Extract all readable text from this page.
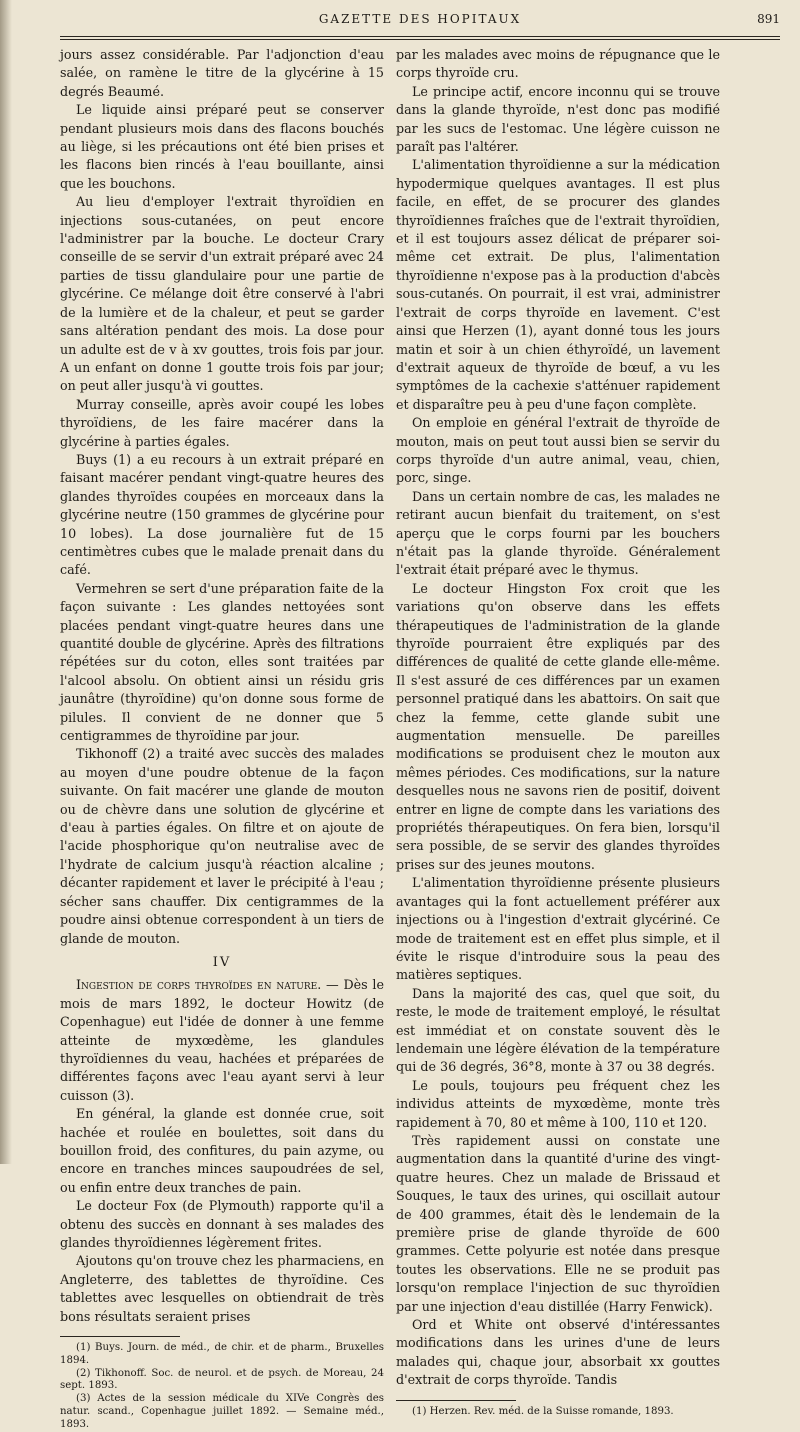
GAZETTE DES HOPITAUX	891

jours assez considérable. Par l'adjonction d'eau salée, on ramène le titre de la glycérine à 15 degrés Beaumé.

Le liquide ainsi préparé peut se conserver pendant plusieurs mois dans des flacons bouchés au liège, si les précautions ont été bien prises et les flacons bien rincés à l'eau bouillante, ainsi que les bouchons.

Au lieu d'employer l'extrait thyroïdien en injections sous-cutanées, on peut encore l'administrer par la bouche. Le docteur Crary conseille de se servir d'un extrait préparé avec 24 parties de tissu glandulaire pour une partie de glycérine. Ce mélange doit être conservé à l'abri de la lumière et de la chaleur, et peut se garder sans altération pendant des mois. La dose pour un adulte est de v à xv gouttes, trois fois par jour. A un enfant on donne 1 goutte trois fois par jour; on peut aller jusqu'à vi gouttes.

Murray conseille, après avoir coupé les lobes thyroïdiens, de les faire macérer dans la glycérine à parties égales.

Buys (1) a eu recours à un extrait préparé en faisant macérer pendant vingt-quatre heures des glandes thyroïdes coupées en morceaux dans la glycérine neutre (150 grammes de glycérine pour 10 lobes). La dose journalière fut de 15 centimètres cubes que le malade prenait dans du café.

Vermehren se sert d'une préparation faite de la façon suivante : Les glandes nettoyées sont placées pendant vingt-quatre heures dans une quantité double de glycérine. Après des filtrations répétées sur du coton, elles sont traitées par l'alcool absolu. On obtient ainsi un résidu gris jaunâtre (thyroïdine) qu'on donne sous forme de pilules. Il convient de ne donner que 5 centigrammes de thyroïdine par jour.

Tikhonoff (2) a traité avec succès des malades au moyen d'une poudre obtenue de la façon suivante. On fait macérer une glande de mouton ou de chèvre dans une solution de glycérine et d'eau à parties égales. On filtre et on ajoute de l'acide phosphorique qu'on neutralise avec de l'hydrate de calcium jusqu'à réaction alcaline ; décanter rapidement et laver le précipité à l'eau ; sécher sans chauffer. Dix centigrammes de la poudre ainsi obtenue correspondent à un tiers de glande de mouton.

IV

Ingestion de corps thyroïdes en nature. — Dès le mois de mars 1892, le docteur Howitz (de Copenhague) eut l'idée de donner à une femme atteinte de myxœdème, les glandules thyroïdiennes du veau, hachées et préparées de différentes façons avec l'eau ayant servi à leur cuisson (3).

En général, la glande est donnée crue, soit hachée et roulée en boulettes, soit dans du bouillon froid, des confitures, du pain azyme, ou encore en tranches minces saupoudrées de sel, ou enfin entre deux tranches de pain.

Le docteur Fox (de Plymouth) rapporte qu'il a obtenu des succès en donnant à ses malades des glandes thyroïdiennes légèrement frites.

Ajoutons qu'on trouve chez les pharmaciens, en Angleterre, des tablettes de thyroïdine. Ces tablettes avec lesquelles on obtiendrait de très bons résultats seraient prises

(1) Buys. Journ. de méd., de chir. et de pharm., Bruxelles 1894.

(2) Tikhonoff. Soc. de neurol. et de psych. de Moreau, 24 sept. 1893.

(3) Actes de la session médicale du XIVe Congrès des natur. scand., Copenhague juillet 1892. — Semaine méd., 1893.

par les malades avec moins de répugnance que le corps thyroïde cru.

Le principe actif, encore inconnu qui se trouve dans la glande thyroïde, n'est donc pas modifié par les sucs de l'estomac. Une légère cuisson ne paraît pas l'altérer.

L'alimentation thyroïdienne a sur la médication hypodermique quelques avantages. Il est plus facile, en effet, de se procurer des glandes thyroïdiennes fraîches que de l'extrait thyroïdien, et il est toujours assez délicat de préparer soi-même cet extrait. De plus, l'alimentation thyroïdienne n'expose pas à la production d'abcès sous-cutanés. On pourrait, il est vrai, administrer l'extrait de corps thyroïde en lavement. C'est ainsi que Herzen (1), ayant donné tous les jours matin et soir à un chien éthyroïdé, un lavement d'extrait aqueux de thyroïde de bœuf, a vu les symptômes de la cachexie s'atténuer rapidement et disparaître peu à peu d'une façon complète.

On emploie en général l'extrait de thyroïde de mouton, mais on peut tout aussi bien se servir du corps thyroïde d'un autre animal, veau, chien, porc, singe.

Dans un certain nombre de cas, les malades ne retirant aucun bienfait du traitement, on s'est aperçu que le corps fourni par les bouchers n'était pas la glande thyroïde. Généralement l'extrait était préparé avec le thymus.

Le docteur Hingston Fox croit que les variations qu'on observe dans les effets thérapeutiques de l'administration de la glande thyroïde pourraient être expliqués par des différences de qualité de cette glande elle-même. Il s'est assuré de ces différences par un examen personnel pratiqué dans les abattoirs. On sait que chez la femme, cette glande subit une augmentation mensuelle. De pareilles modifications se produisent chez le mouton aux mêmes périodes. Ces modifications, sur la nature desquelles nous ne savons rien de positif, doivent entrer en ligne de compte dans les variations des propriétés thérapeutiques. On fera bien, lorsqu'il sera possible, de se servir des glandes thyroïdes prises sur des jeunes moutons.

L'alimentation thyroïdienne présente plusieurs avantages qui la font actuellement préférer aux injections ou à l'ingestion d'extrait glycériné. Ce mode de traitement est en effet plus simple, et il évite le risque d'introduire sous la peau des matières septiques.

Dans la majorité des cas, quel que soit, du reste, le mode de traitement employé, le résultat est immédiat et on constate souvent dès le lendemain une légère élévation de la température qui de 36 degrés, 36°8, monte à 37 ou 38 degrés.

Le pouls, toujours peu fréquent chez les individus atteints de myxœdème, monte très rapidement à 70, 80 et même à 100, 110 et 120.

Très rapidement aussi on constate une augmentation dans la quantité d'urine des vingt-quatre heures. Chez un malade de Brissaud et Souques, le taux des urines, qui oscillait autour de 400 grammes, était dès le lendemain de la première prise de glande thyroïde de 600 grammes. Cette polyurie est notée dans presque toutes les observations. Elle ne se produit pas lorsqu'on remplace l'injection de suc thyroïdien par une injection d'eau distillée (Harry Fenwick).

Ord et White ont observé d'intéressantes modifications dans les urines d'une de leurs malades qui, chaque jour, absorbait xx gouttes d'extrait de corps thyroïde. Tandis

(1) Herzen. Rev. méd. de la Suisse romande, 1893.
